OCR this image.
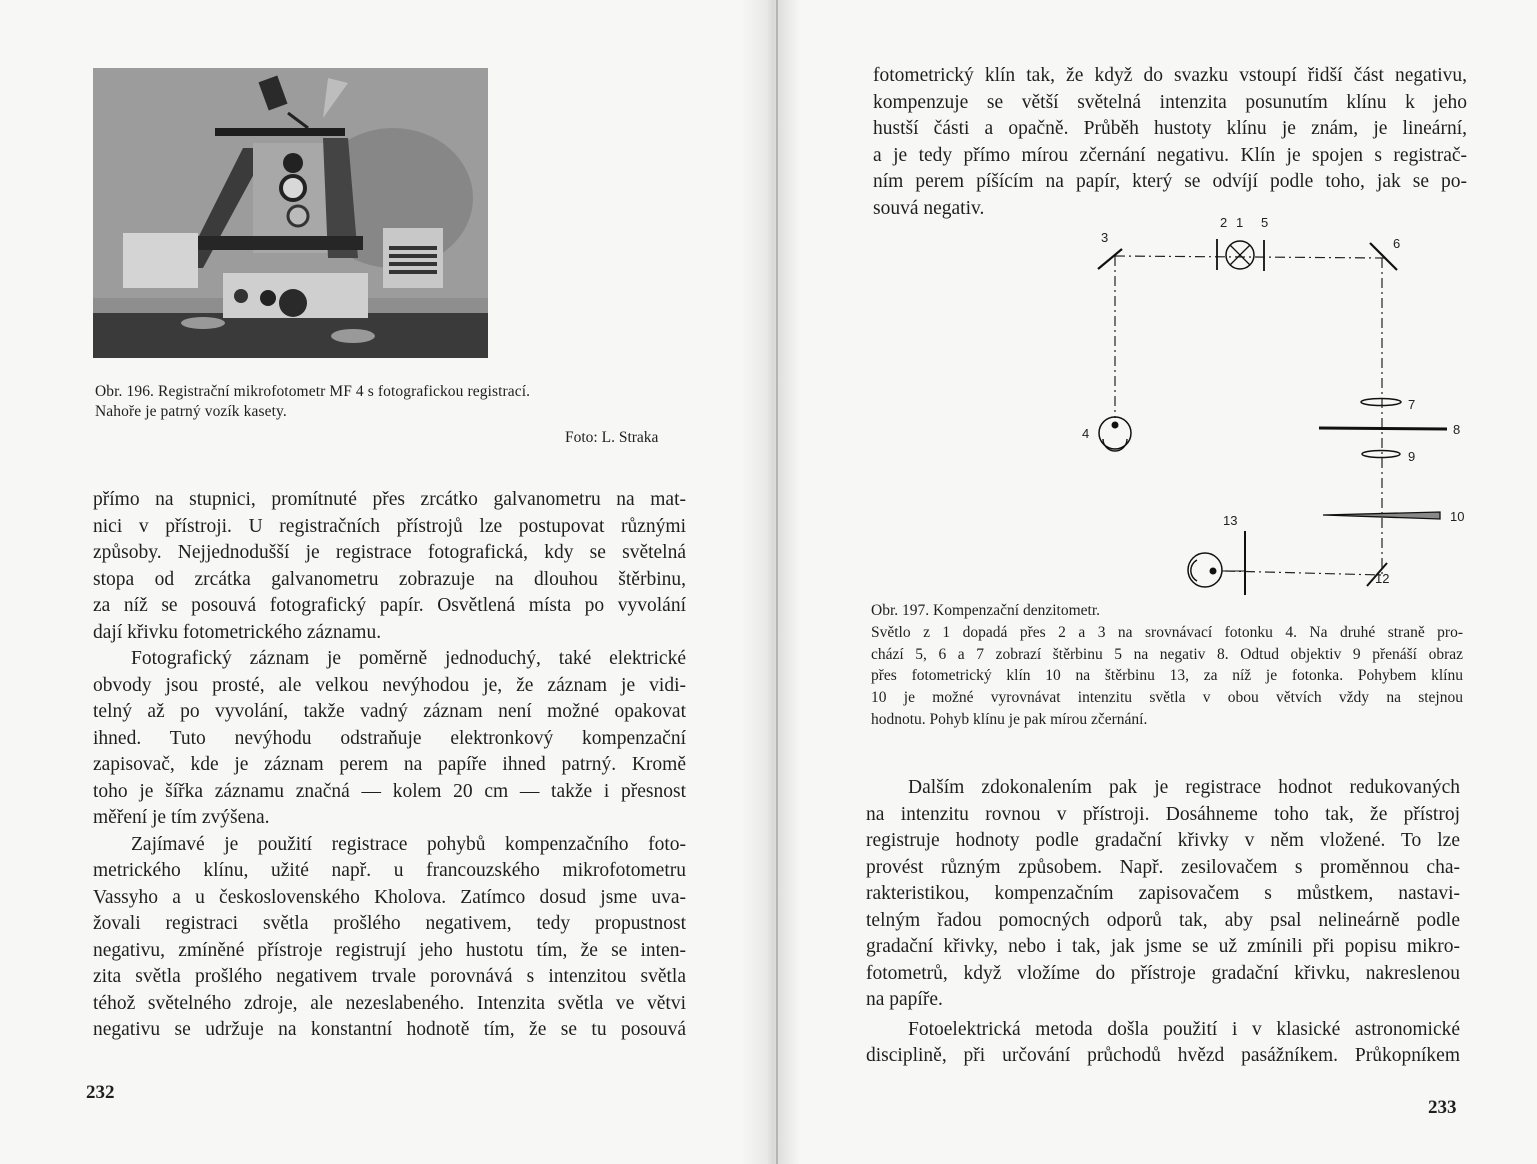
Obr. 196. Registrační mikrofotometr MF 4 s fotografickou registrací.
Nahoře je patrný vozík kasety.
Foto: L. Straka

přímo na stupnici, promítnuté přes zrcátko galvanometru na mat-
nici v přístroji. U registračních přístrojů lze postupovat různými
způsoby. Nejjednodušší je registrace fotografická, kdy se světelná
stopa od zrcátka galvanometru zobrazuje na dlouhou štěrbinu,
za níž se posouvá fotografický papír. Osvětlená místa po vyvolání
dají křivku fotometrického záznamu.

Fotografický záznam je poměrně jednoduchý, také elektrické
obvody jsou prosté, ale velkou nevýhodou je, že záznam je vidi-
telný až po vyvolání, takže vadný záznam není možné opakovat
ihned. Tuto nevýhodu odstraňuje elektronkový kompenzační
zapisovač, kde je záznam perem na papíře ihned patrný. Kromě
toho je šířka záznamu značná — kolem 20 cm — takže i přesnost
měření je tím zvýšena.

Zajímavé je použití registrace pohybů kompenzačního foto-
metrického klínu, užité např. u francouzského mikrofotometru
Vassyho a u československého Kholova. Zatímco dosud jsme uva-
žovali registraci světla prošlého negativem, tedy propustnost
negativu, zmíněné přístroje registrují jeho hustotu tím, že se inten-
zita světla prošlého negativem trvale porovnává s intenzitou světla
téhož světelného zdroje, ale nezeslabeného. Intenzita světla ve větvi
negativu se udržuje na konstantní hodnotě tím, že se tu posouvá

232

fotometrický klín tak, že když do svazku vstoupí řidší část negativu,
kompenzuje se větší světelná intenzita posunutím klínu k jeho
hustší části a opačně. Průběh hustoty klínu je znám, je lineární,
a je tedy přímo mírou zčernání negativu. Klín je spojen s registrač-
ním perem píšícím na papír, který se odvíjí podle toho, jak se po-
souvá negativ.

2 1 5
3	6
4
7
8
9
10
12
13
Obr. 197. Kompenzační denzitometr.
Světlo z 1 dopadá přes 2 a 3 na srovnávací fotonku 4. Na druhé straně pro-
chází 5, 6 a 7 zobrazí štěrbinu 5 na negativ 8. Odtud objektiv 9 přenáší obraz
přes fotometrický klín 10 na štěrbinu 13, za níž je fotonka. Pohybem klínu
10 je možné vyrovnávat intenzitu světla v obou větvích vždy na stejnou
hodnotu. Pohyb klínu je pak mírou zčernání.

Dalším zdokonalením pak je registrace hodnot redukovaných
na intenzitu rovnou v přístroji. Dosáhneme toho tak, že přístroj
registruje hodnoty podle gradační křivky v něm vložené. To lze
provést různým způsobem. Např. zesilovačem s proměnnou cha-
rakteristikou, kompenzačním zapisovačem s můstkem, nastavi-
telným řadou pomocných odporů tak, aby psal nelineárně podle
gradační křivky, nebo i tak, jak jsme se už zmínili při popisu mikro-
fotometrů, když vložíme do přístroje gradační křivku, nakreslenou
na papíře.

Fotoelektrická metoda došla použití i v klasické astronomické
disciplině, při určování průchodů hvězd pasážníkem. Průkopníkem

233
